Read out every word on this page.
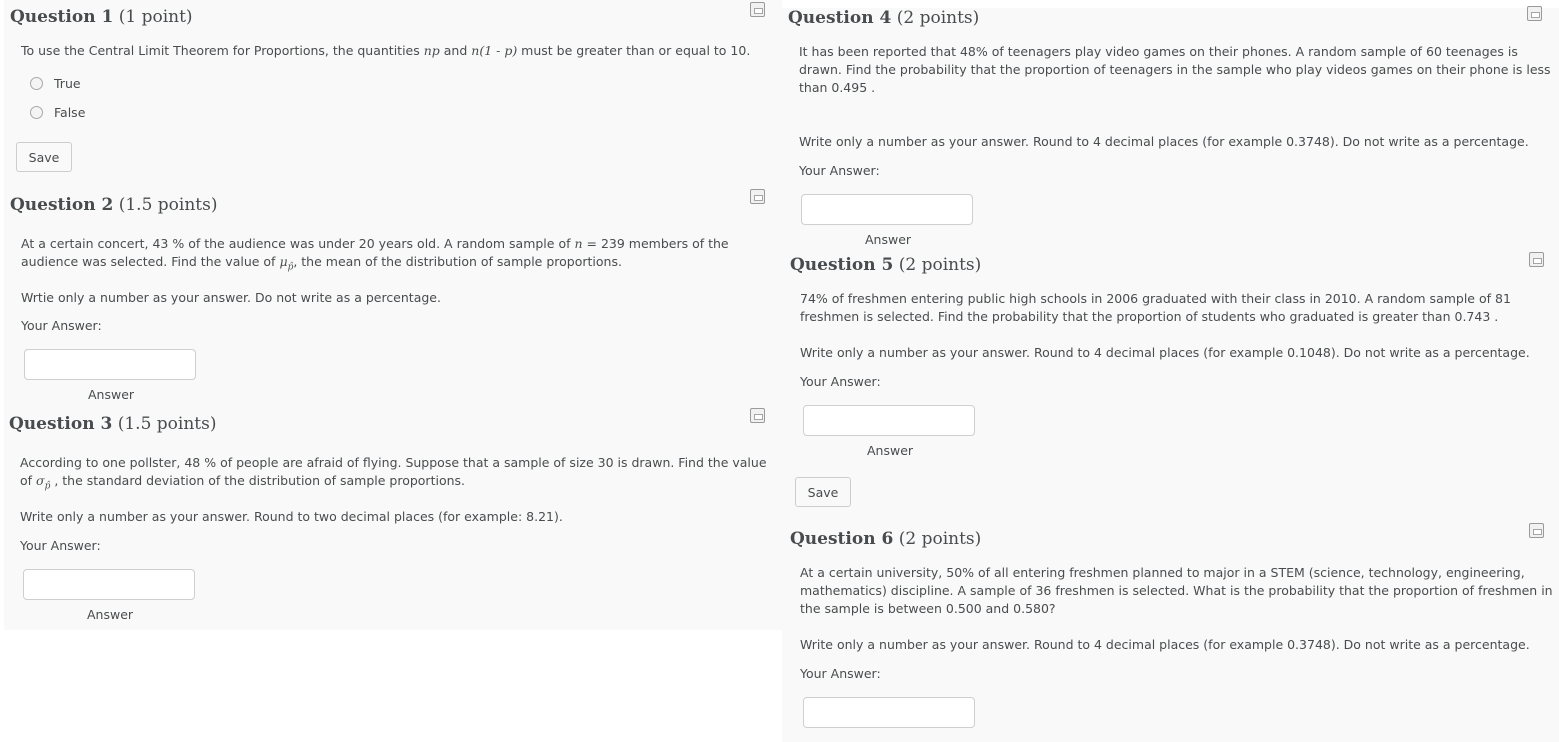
Question 1 (1 point)
To use the Central Limit Theorem for Proportions, the quantities np and n(1 - p) must be greater than or equal to 10.
True
False
Save
Question 2 (1.5 points)
At a certain concert, 43 % of the audience was under 20 years old. A random sample of n = 239 members of the
audience was selected. Find the value of $\mu_{p̂}$, the mean of the distribution of sample proportions.
Wrtie only a number as your answer. Do not write as a percentage.
Your Answer:
Answer
Question 3 (1.5 points)
According to one pollster, 48 % of people are afraid of flying. Suppose that a sample of size 30 is drawn. Find the value
of $\sigma_{p̂}$ , the standard deviation of the distribution of sample proportions.
Write only a number as your answer. Round to two decimal places (for example: 8.21).
Your Answer:
Answer
Question 4 (2 points)
It has been reported that 48% of teenagers play video games on their phones. A random sample of 60 teenages is
drawn. Find the probability that the proportion of teenagers in the sample who play videos games on their phone is less
than 0.495 .
Write only a number as your answer. Round to 4 decimal places (for example 0.3748). Do not write as a percentage.
Your Answer:
Answer
Question 5 (2 points)
74% of freshmen entering public high schools in 2006 graduated with their class in 2010. A random sample of 81
freshmen is selected. Find the probability that the proportion of students who graduated is greater than 0.743 .
Write only a number as your answer. Round to 4 decimal places (for example 0.1048). Do not write as a percentage.
Your Answer:
Answer
Save
Question 6 (2 points)
At a certain university, 50% of all entering freshmen planned to major in a STEM (science, technology, engineering,
mathematics) discipline. A sample of 36 freshmen is selected. What is the probability that the proportion of freshmen in
the sample is between 0.500 and 0.580?
Write only a number as your answer. Round to 4 decimal places (for example 0.3748). Do not write as a percentage.
Your Answer:
